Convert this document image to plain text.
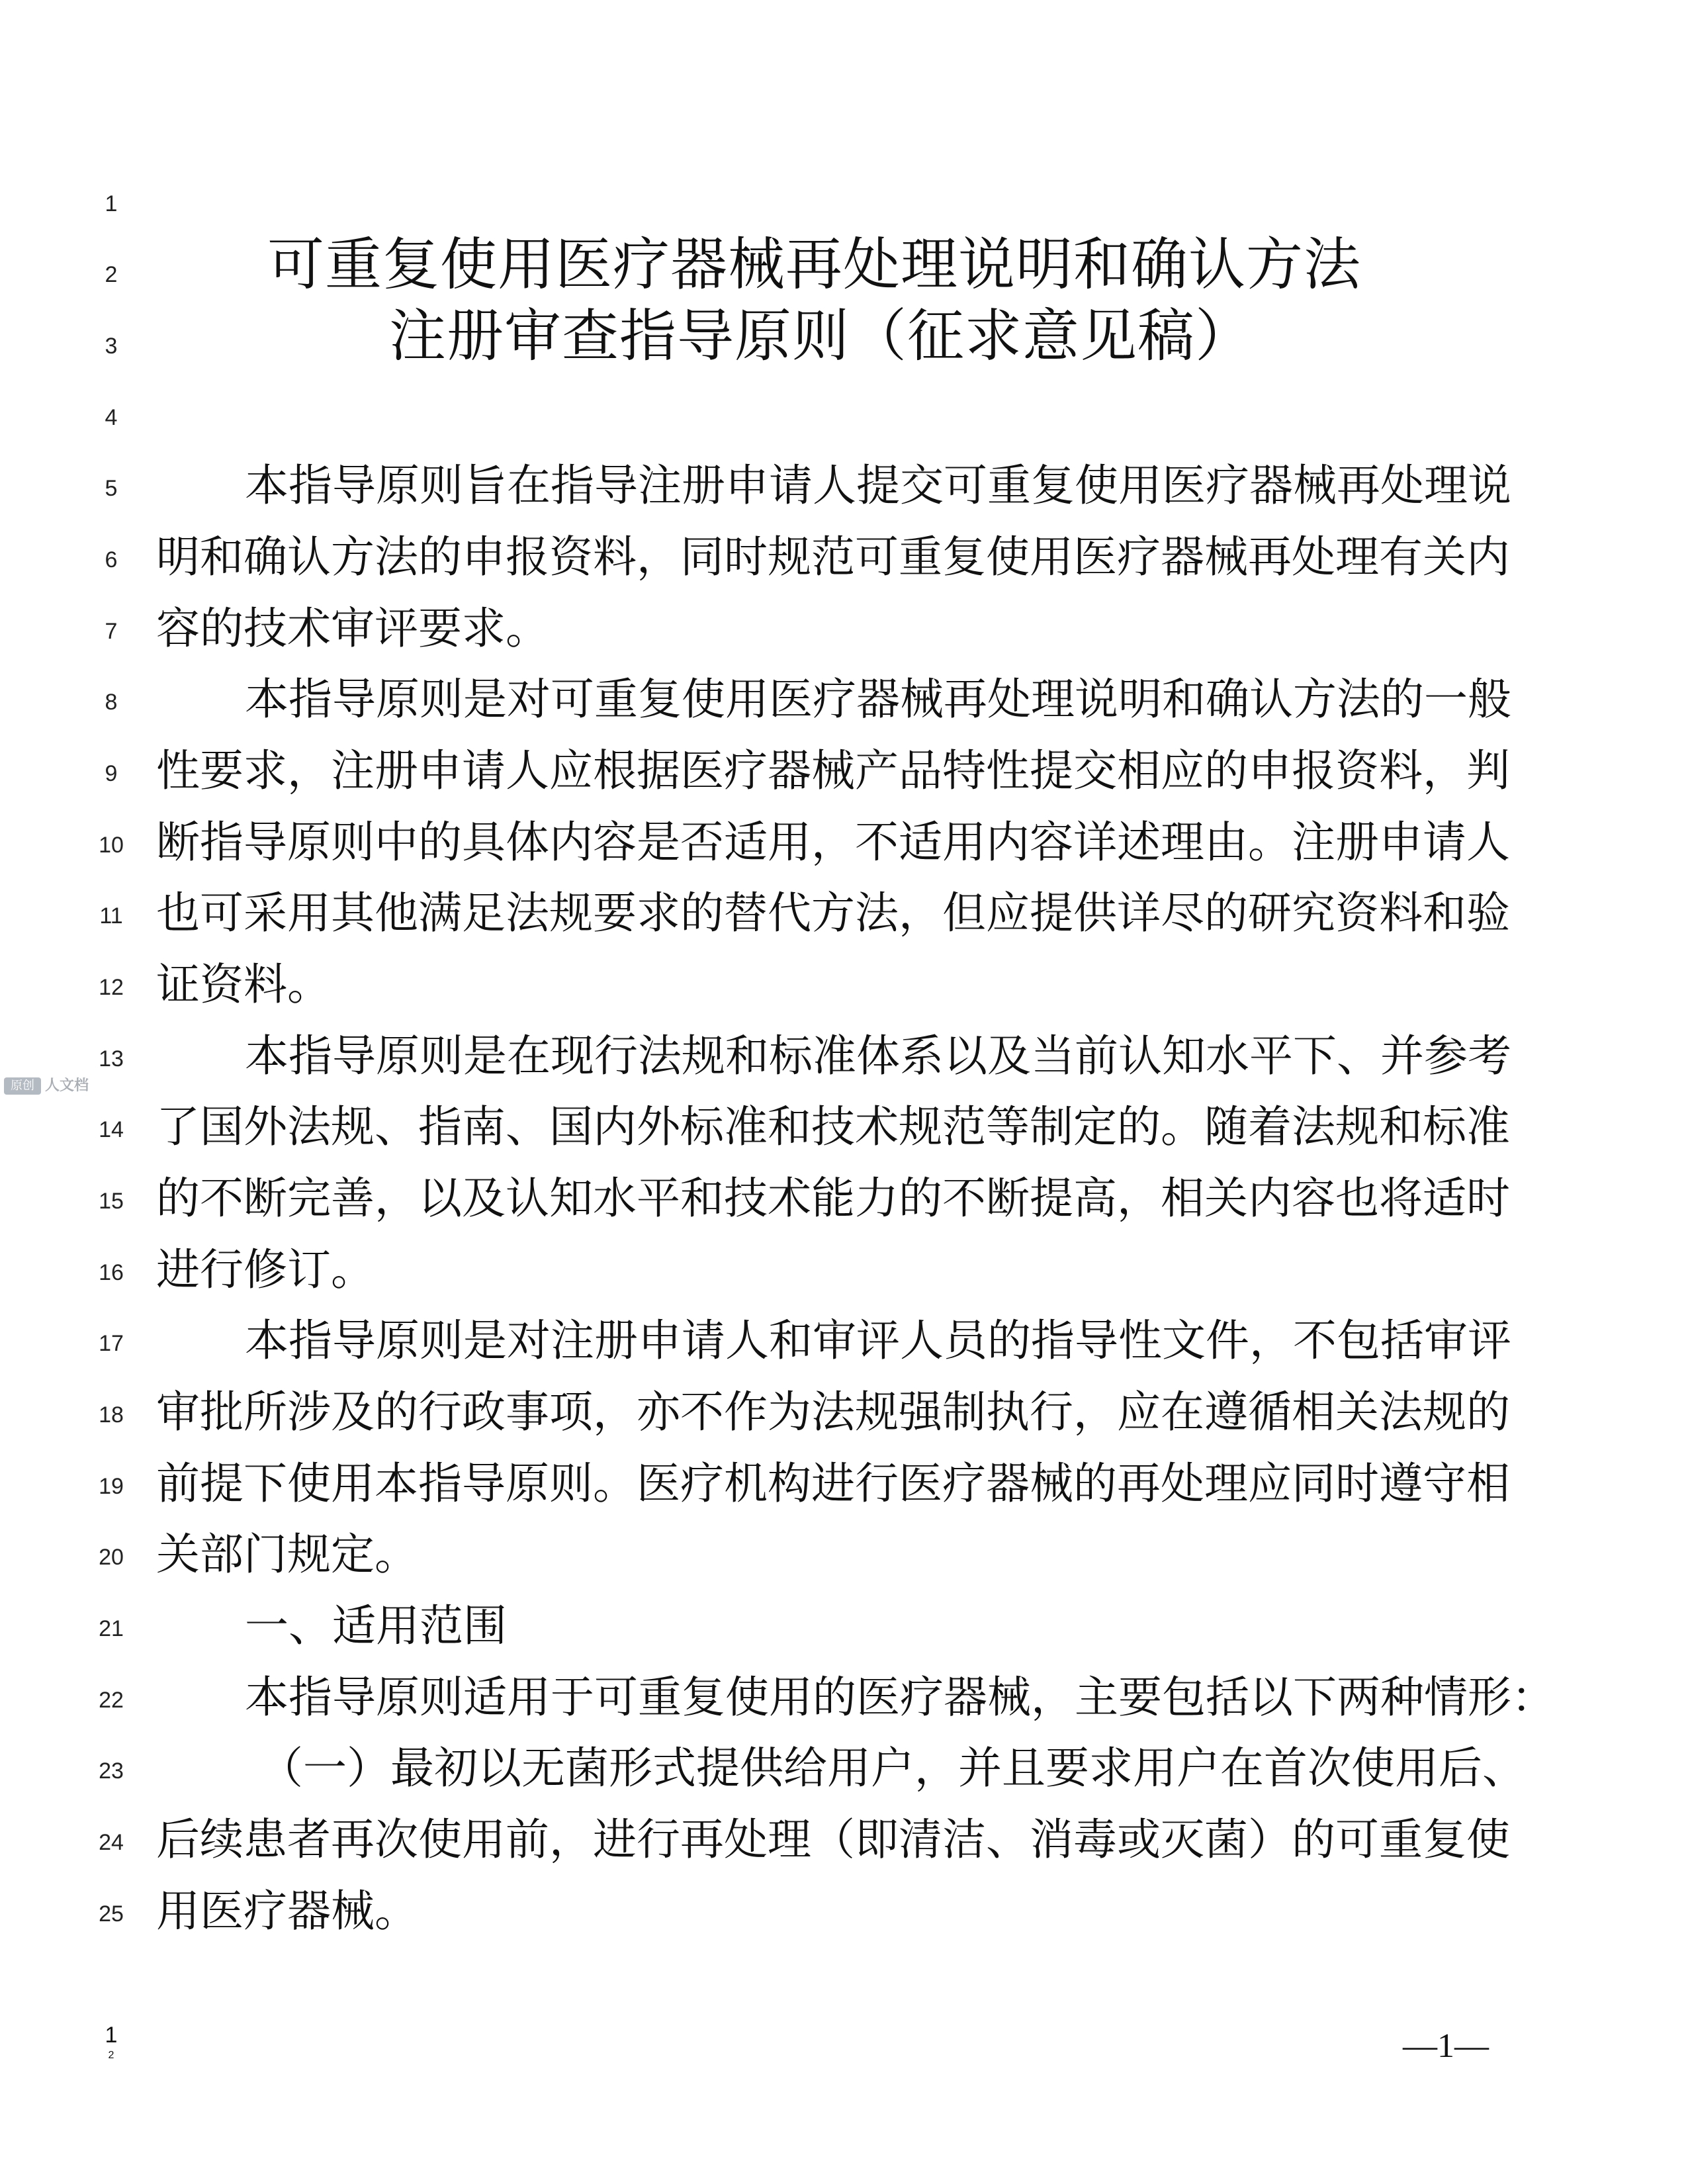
1
2
3
4
5
6
7
8
9
10
11
12
13
14
15
16
17
18
19
20
21
22
23
24
25
可重复使用医疗器械再处理说明和确认方法
注册审查指导原则（征求意见稿）
本指导原则旨在指导注册申请人提交可重复使用医疗器械再处理说
明和确认方法的申报资料，同时规范可重复使用医疗器械再处理有关内
容的技术审评要求。
本指导原则是对可重复使用医疗器械再处理说明和确认方法的一般
性要求，注册申请人应根据医疗器械产品特性提交相应的申报资料，判
断指导原则中的具体内容是否适用，不适用内容详述理由。注册申请人
也可采用其他满足法规要求的替代方法，但应提供详尽的研究资料和验
证资料。
本指导原则是在现行法规和标准体系以及当前认知水平下、并参考
了国外法规、指南、国内外标准和技术规范等制定的。随着法规和标准
的不断完善，以及认知水平和技术能力的不断提高，相关内容也将适时
进行修订。
本指导原则是对注册申请人和审评人员的指导性文件，不包括审评
审批所涉及的行政事项，亦不作为法规强制执行，应在遵循相关法规的
前提下使用本指导原则。医疗机构进行医疗器械的再处理应同时遵守相
关部门规定。
一、适用范围
本指导原则适用于可重复使用的医疗器械，主要包括以下两种情形：
（一）最初以无菌形式提供给用户，并且要求用户在首次使用后、
后续患者再次使用前，进行再处理（即清洁、消毒或灭菌）的可重复使
用医疗器械。
1
2	—1—
原创 人文档
